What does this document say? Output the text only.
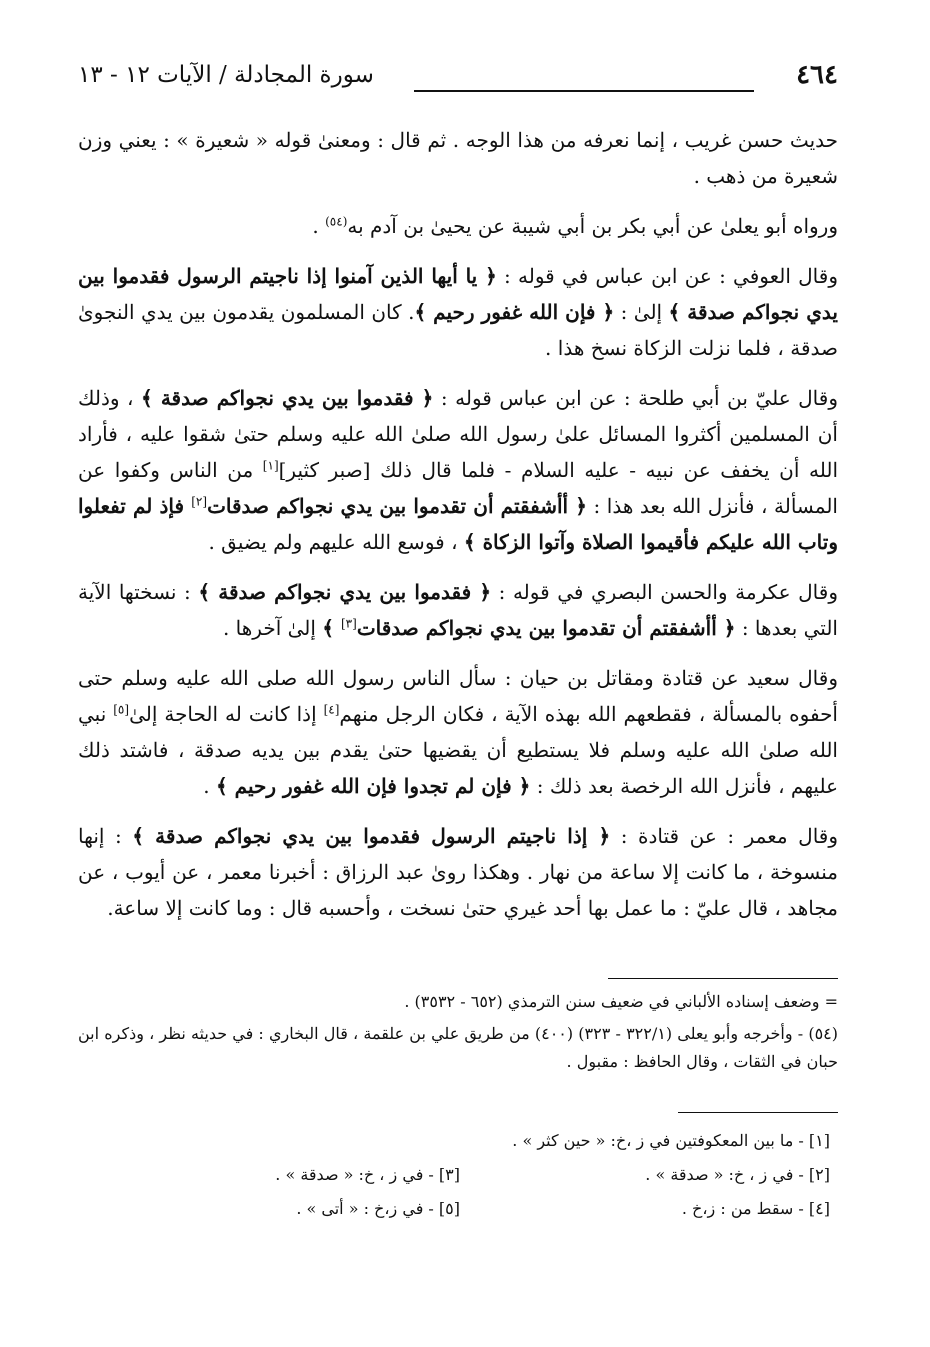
٤٦٤
سورة المجادلة / الآيات ١٢ - ١٣

حديث حسن غريب ، إنما نعرفه من هذا الوجه . ثم قال : ومعنىٰ قوله « شعيرة » : يعني وزن شعيرة من ذهب .

ورواه أبو يعلىٰ عن أبي بكر بن أبي شيبة عن يحيىٰ بن آدم به$^{(٥٤)}$ .

وقال العوفي : عن ابن عباس في قوله : ﴿ يا أيها الذين آمنوا إذا ناجيتم الرسول فقدموا بين يدي نجواكم صدقة ﴾ إلىٰ : ﴿ فإن الله غفور رحيم ﴾. كان المسلمون يقدمون بين يدي النجوىٰ صدقة ، فلما نزلت الزكاة نسخ هذا .

وقال عليّ بن أبي طلحة : عن ابن عباس قوله : ﴿ فقدموا بين يدي نجواكم صدقة ﴾ ، وذلك أن المسلمين أكثروا المسائل علىٰ رسول الله صلىٰ الله عليه وسلم حتىٰ شقوا عليه ، فأراد الله أن يخفف عن نبيه - عليه السلام - فلما قال ذلك [صبر كثير][١] من الناس وكفوا عن المسألة ، فأنزل الله بعد هذا : ﴿ أأشفقتم أن تقدموا بين يدي نجواكم صدقات[٢] فإذ لم تفعلوا وتاب الله عليكم فأقيموا الصلاة وآتوا الزكاة ﴾ ، فوسع الله عليهم ولم يضيق .

وقال عكرمة والحسن البصري في قوله : ﴿ فقدموا بين يدي نجواكم صدقة ﴾ : نسختها الآية التي بعدها : ﴿ أأشفقتم أن تقدموا بين يدي نجواكم صدقات[٣] ﴾ إلىٰ آخرها .

وقال سعيد عن قتادة ومقاتل بن حيان : سأل الناس رسول الله صلى الله عليه وسلم حتى أحفوه بالمسألة ، فقطعهم الله بهذه الآية ، فكان الرجل منهم[٤] إذا كانت له الحاجة إلىٰ[٥] نبي الله صلىٰ الله عليه وسلم فلا يستطيع أن يقضيها حتىٰ يقدم بين يديه صدقة ، فاشتد ذلك عليهم ، فأنزل الله الرخصة بعد ذلك : ﴿ فإن لم تجدوا فإن الله غفور رحيم ﴾ .

وقال معمر : عن قتادة : ﴿ إذا ناجيتم الرسول فقدموا بين يدي نجواكم صدقة ﴾ : إنها منسوخة ، ما كانت إلا ساعة من نهار . وهكذا روىٰ عبد الرزاق : أخبرنا معمر ، عن أيوب ، عن مجاهد ، قال عليّ : ما عمل بها أحد غيري حتىٰ نسخت ، وأحسبه قال : وما كانت إلا ساعة.

= وضعف إسناده الألباني في ضعيف سنن الترمذي (٦٥٢ - ٣٥٣٢) .

(٥٤) - وأخرجه وأبو يعلى (٣٢٢/١ - ٣٢٣) (٤٠٠) من طريق علي بن علقمة ، قال البخاري : في حديثه نظر ، وذكره ابن حبان في الثقات ، وقال الحافظ : مقبول .

[١] - ما بين المعكوفتين في ز ،خ: « حين كثر » .
[٢] - في ز ، خ: « صدقة » .
[٣] - في ز ، خ: « صدقة » .
[٤] - سقط من : ز،خ .
[٥] - في ز،خ : « أتى » .
